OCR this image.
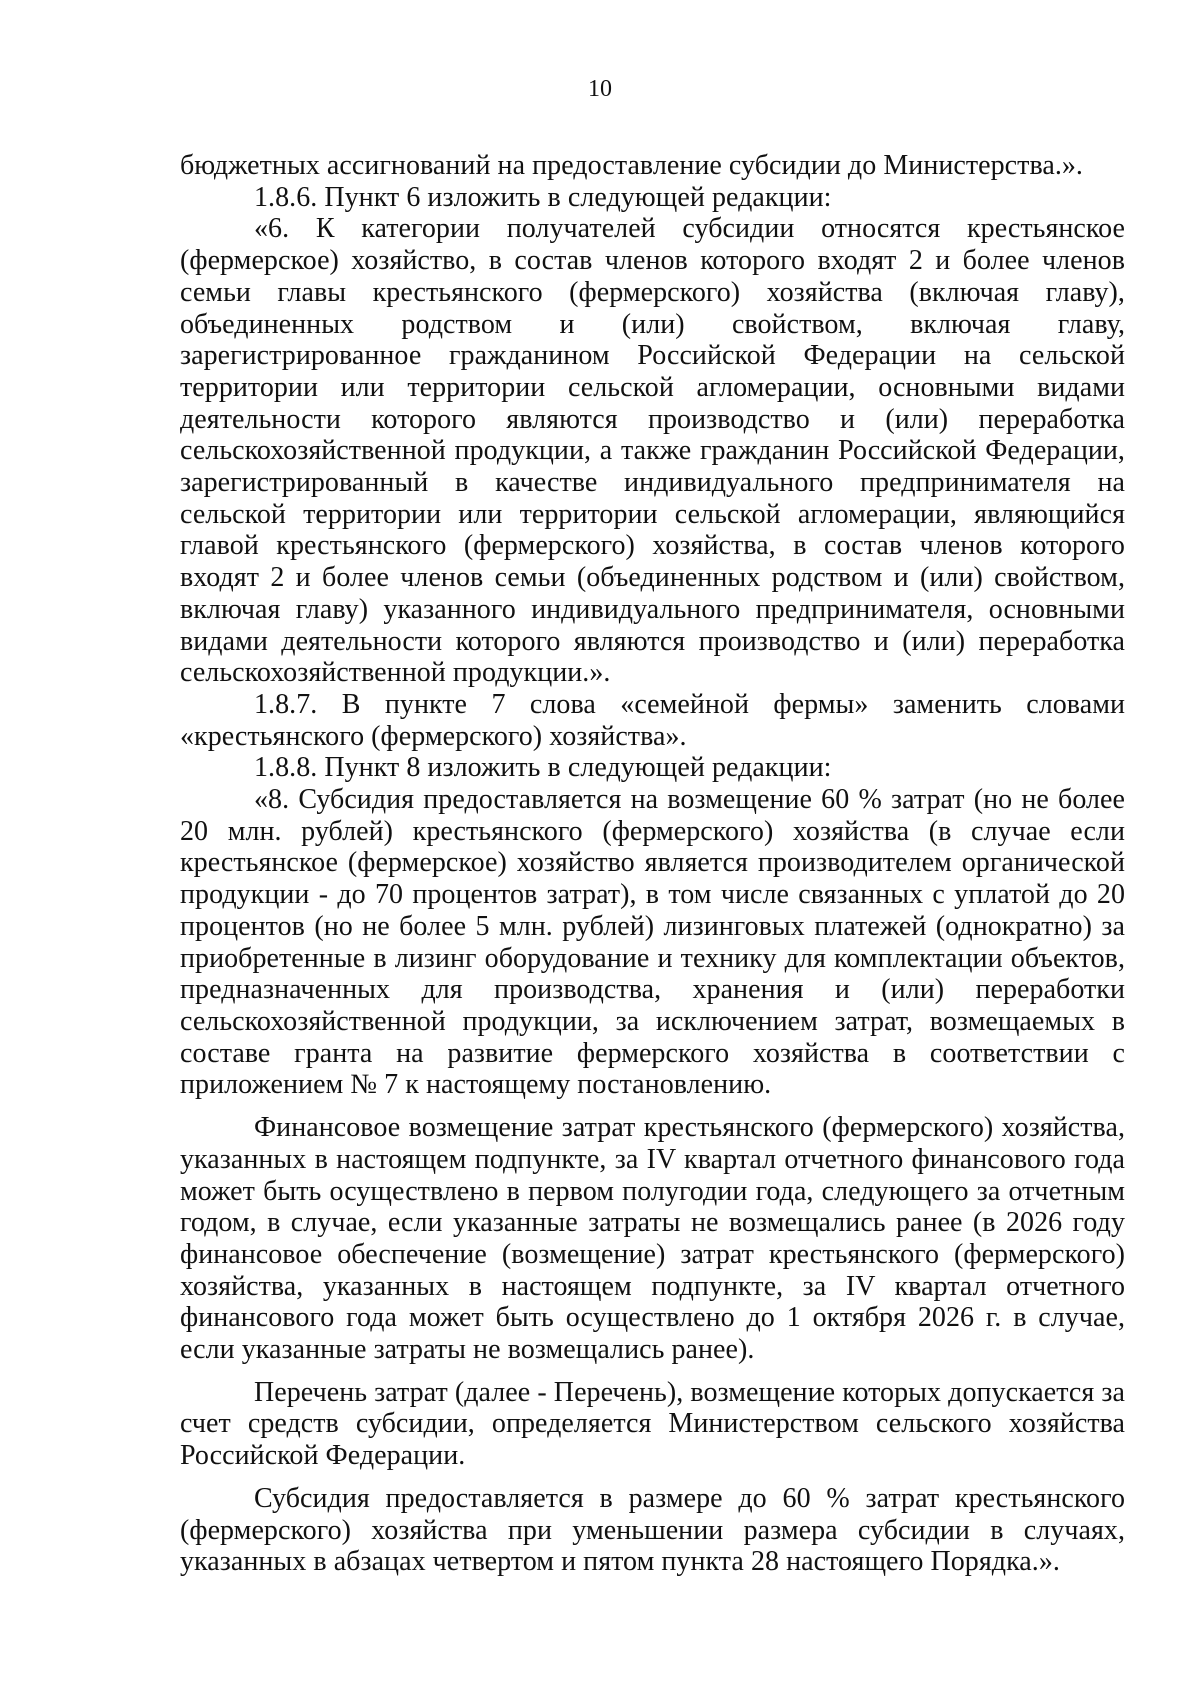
10

бюджетных ассигнований на предоставление субсидии до Министерства.».

1.8.6. Пункт 6 изложить в следующей редакции:

«6. К категории получателей субсидии относятся крестьянское (фермерское) хозяйство, в состав членов которого входят 2 и более членов семьи главы крестьянского (фермерского) хозяйства (включая главу), объединенных родством и (или) свойством, включая главу, зарегистрированное гражданином Российской Федерации на сельской территории или территории сельской агломерации, основными видами деятельности которого являются производство и (или) переработка сельскохозяйственной продукции, а также гражданин Российской Федерации, зарегистрированный в качестве индивидуального предпринимателя на сельской территории или территории сельской агломерации, являющийся главой крестьянского (фермерского) хозяйства, в состав членов которого входят 2 и более членов семьи (объединенных родством и (или) свойством, включая главу) указанного индивидуального предпринимателя, основными видами деятельности которого являются производство и (или) переработка сельскохозяйственной продукции.».

1.8.7. В пункте 7 слова «семейной фермы» заменить словами «крестьянского (фермерского) хозяйства».

1.8.8. Пункт 8 изложить в следующей редакции:

«8. Субсидия предоставляется на возмещение 60 % затрат (но не более 20 млн. рублей) крестьянского (фермерского) хозяйства (в случае если крестьянское (фермерское) хозяйство является производителем органической продукции - до 70 процентов затрат), в том числе связанных с уплатой до 20 процентов (но не более 5 млн. рублей) лизинговых платежей (однократно) за приобретенные в лизинг оборудование и технику для комплектации объектов, предназначенных для производства, хранения и (или) переработки сельскохозяйственной продукции, за исключением затрат, возмещаемых в составе гранта на развитие фермерского хозяйства в соответствии с приложением № 7 к настоящему постановлению.

Финансовое возмещение затрат крестьянского (фермерского) хозяйства, указанных в настоящем подпункте, за IV квартал отчетного финансового года может быть осуществлено в первом полугодии года, следующего за отчетным годом, в случае, если указанные затраты не возмещались ранее (в 2026 году финансовое обеспечение (возмещение) затрат крестьянского (фермерского) хозяйства, указанных в настоящем подпункте, за IV квартал отчетного финансового года может быть осуществлено до 1 октября 2026 г. в случае, если указанные затраты не возмещались ранее).

Перечень затрат (далее - Перечень), возмещение которых допускается за счет средств субсидии, определяется Министерством сельского хозяйства Российской Федерации.

Субсидия предоставляется в размере до 60 % затрат крестьянского (фермерского) хозяйства при уменьшении размера субсидии в случаях, указанных в абзацах четвертом и пятом пункта 28 настоящего Порядка.».
